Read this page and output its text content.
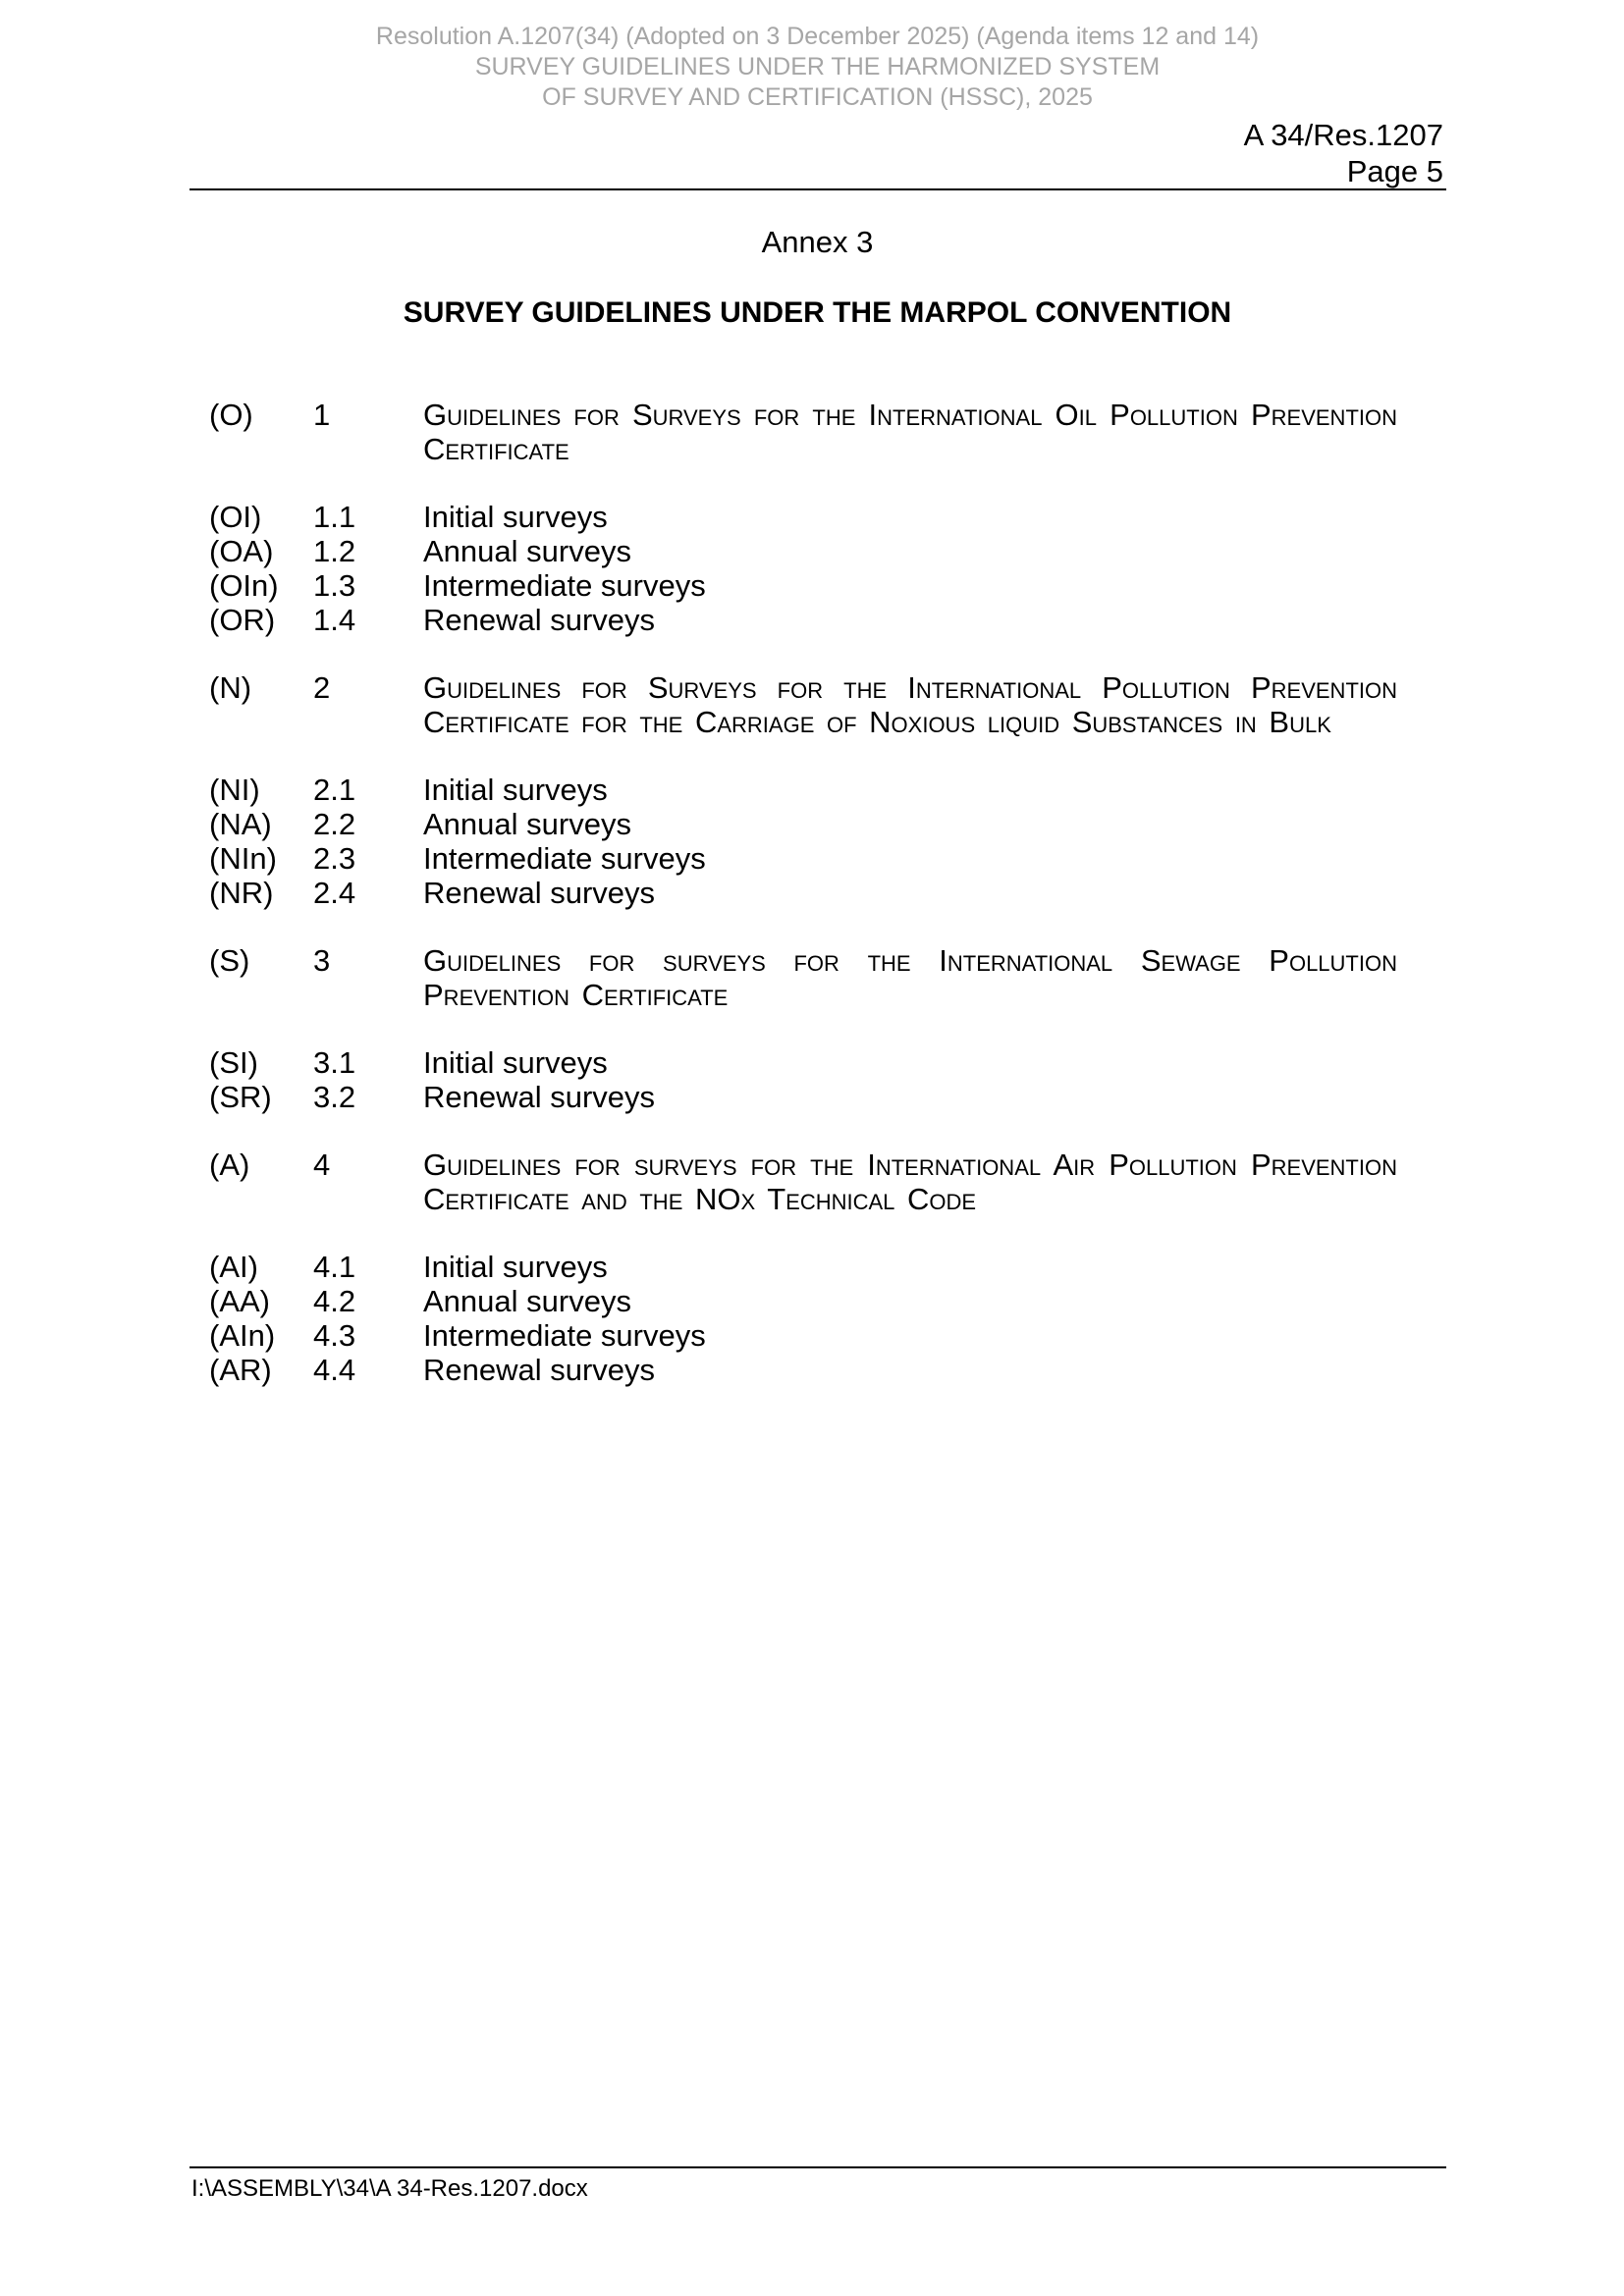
Resolution A.1207(34) (Adopted on 3 December 2025) (Agenda items 12 and 14)
SURVEY GUIDELINES UNDER THE HARMONIZED SYSTEM
OF SURVEY AND CERTIFICATION (HSSC), 2025
A 34/Res.1207
Page 5
Annex 3
SURVEY GUIDELINES UNDER THE MARPOL CONVENTION
(O)	1	Guidelines for Surveys for the International Oil Pollution Prevention Certificate
(OI)	1.1	Initial surveys
(OA)	1.2	Annual surveys
(OIn)	1.3	Intermediate surveys
(OR)	1.4	Renewal surveys
(N)	2	Guidelines for Surveys for the International Pollution Prevention Certificate for the Carriage of Noxious liquid Substances in Bulk
(NI)	2.1	Initial surveys
(NA)	2.2	Annual surveys
(NIn)	2.3	Intermediate surveys
(NR)	2.4	Renewal surveys
(S)	3	Guidelines for surveys for the International Sewage Pollution Prevention Certificate
(SI)	3.1	Initial surveys
(SR)	3.2	Renewal surveys
(A)	4	Guidelines for surveys for the International Air Pollution Prevention Certificate and the NOx Technical Code
(AI)	4.1	Initial surveys
(AA)	4.2	Annual surveys
(AIn)	4.3	Intermediate surveys
(AR)	4.4	Renewal surveys
I:\ASSEMBLY\34\A 34-Res.1207.docx
